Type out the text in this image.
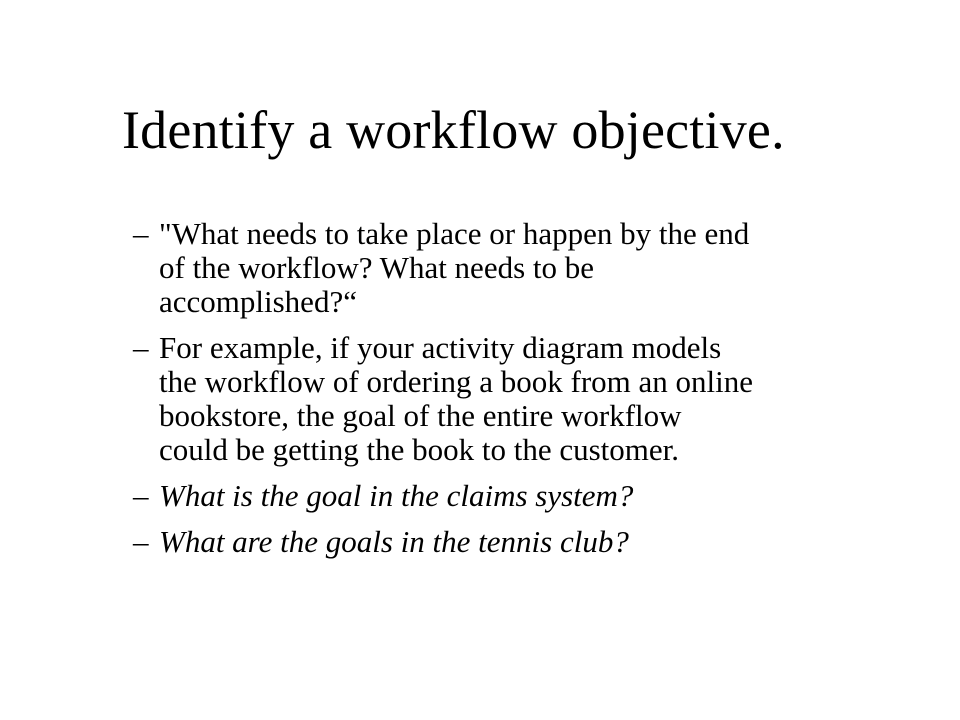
Identify a workflow objective.
– "What needs to take place or happen by the end
of the workflow? What needs to be
accomplished?“
– For example, if your activity diagram models
the workflow of ordering a book from an online
bookstore, the goal of the entire workflow
could be getting the book to the customer.
– What is the goal in the claims system?
– What are the goals in the tennis club?
